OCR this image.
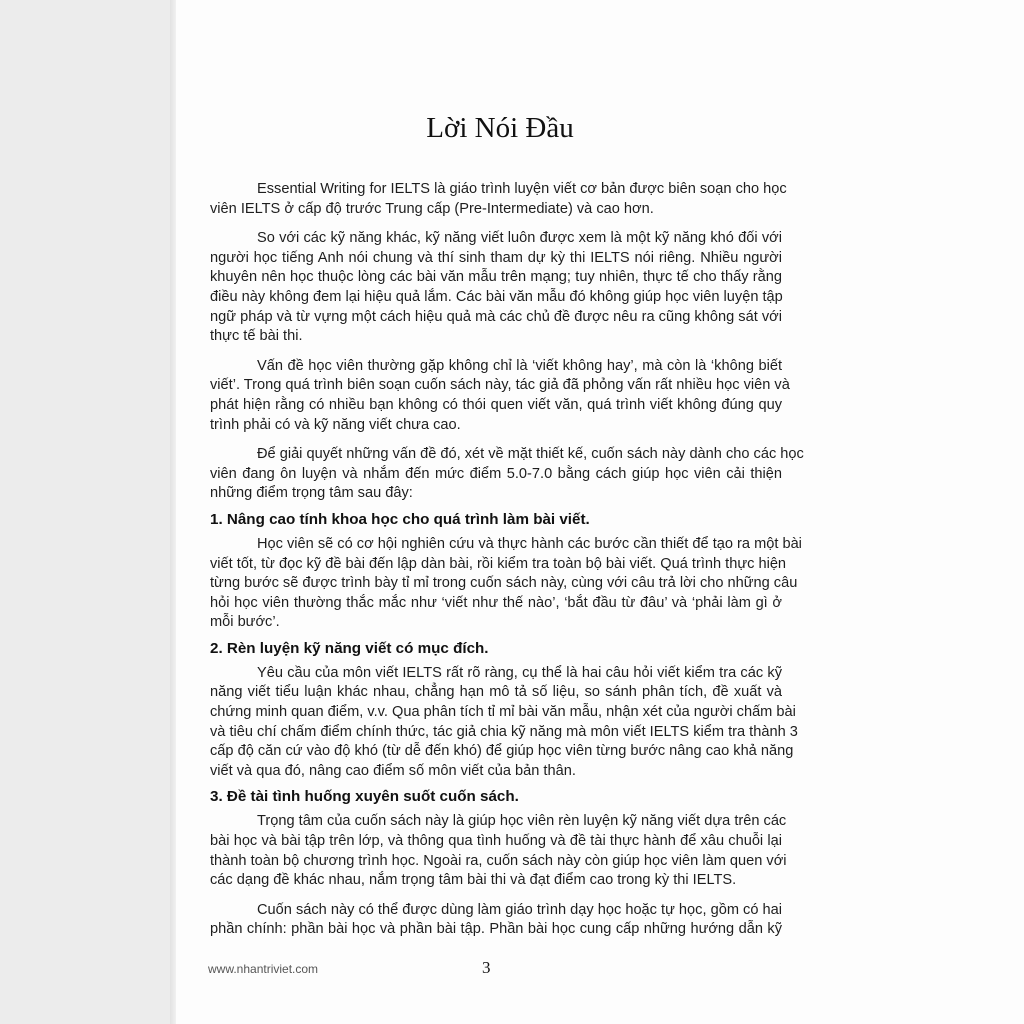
Lời Nói Đầu
Essential Writing for IELTS là giáo trình luyện viết cơ bản được biên soạn cho học
viên IELTS ở cấp độ trước Trung cấp (Pre-Intermediate) và cao hơn.
So với các kỹ năng khác, kỹ năng viết luôn được xem là một kỹ năng khó đối với
người học tiếng Anh nói chung và thí sinh tham dự kỳ thi IELTS nói riêng. Nhiều người
khuyên nên học thuộc lòng các bài văn mẫu trên mạng; tuy nhiên, thực tế cho thấy rằng
điều này không đem lại hiệu quả lắm. Các bài văn mẫu đó không giúp học viên luyện tập
ngữ pháp và từ vựng một cách hiệu quả mà các chủ đề được nêu ra cũng không sát với
thực tế bài thi.
Vấn đề học viên thường gặp không chỉ là ‘viết không hay’, mà còn là ‘không biết
viết’. Trong quá trình biên soạn cuốn sách này, tác giả đã phỏng vấn rất nhiều học viên và
phát hiện rằng có nhiều bạn không có thói quen viết văn, quá trình viết không đúng quy
trình phải có và kỹ năng viết chưa cao.
Để giải quyết những vấn đề đó, xét về mặt thiết kế, cuốn sách này dành cho các học
viên đang ôn luyện và nhắm đến mức điểm 5.0-7.0 bằng cách giúp học viên cải thiện
những điểm trọng tâm sau đây:
1. Nâng cao tính khoa học cho quá trình làm bài viết.
Học viên sẽ có cơ hội nghiên cứu và thực hành các bước cần thiết để tạo ra một bài
viết tốt, từ đọc kỹ đề bài đến lập dàn bài, rồi kiểm tra toàn bộ bài viết. Quá trình thực hiện
từng bước sẽ được trình bày tỉ mỉ trong cuốn sách này, cùng với câu trả lời cho những câu
hỏi học viên thường thắc mắc như ‘viết như thế nào’, ‘bắt đầu từ đâu’ và ‘phải làm gì ở
mỗi bước’.
2. Rèn luyện kỹ năng viết có mục đích.
Yêu cầu của môn viết IELTS rất rõ ràng, cụ thể là hai câu hỏi viết kiểm tra các kỹ
năng viết tiểu luận khác nhau, chẳng hạn mô tả số liệu, so sánh phân tích, đề xuất và
chứng minh quan điểm, v.v. Qua phân tích tỉ mỉ bài văn mẫu, nhận xét của người chấm bài
và tiêu chí chấm điểm chính thức, tác giả chia kỹ năng mà môn viết IELTS kiểm tra thành 3
cấp độ căn cứ vào độ khó (từ dễ đến khó) để giúp học viên từng bước nâng cao khả năng
viết và qua đó, nâng cao điểm số môn viết của bản thân.
3. Đề tài tình huống xuyên suốt cuốn sách.
Trọng tâm của cuốn sách này là giúp học viên rèn luyện kỹ năng viết dựa trên các
bài học và bài tập trên lớp, và thông qua tình huống và đề tài thực hành để xâu chuỗi lại
thành toàn bộ chương trình học. Ngoài ra, cuốn sách này còn giúp học viên làm quen với
các dạng đề khác nhau, nắm trọng tâm bài thi và đạt điểm cao trong kỳ thi IELTS.
Cuốn sách này có thể được dùng làm giáo trình dạy học hoặc tự học, gồm có hai
phần chính: phần bài học và phần bài tập. Phần bài học cung cấp những hướng dẫn kỹ
www.nhantriviet.com	3
